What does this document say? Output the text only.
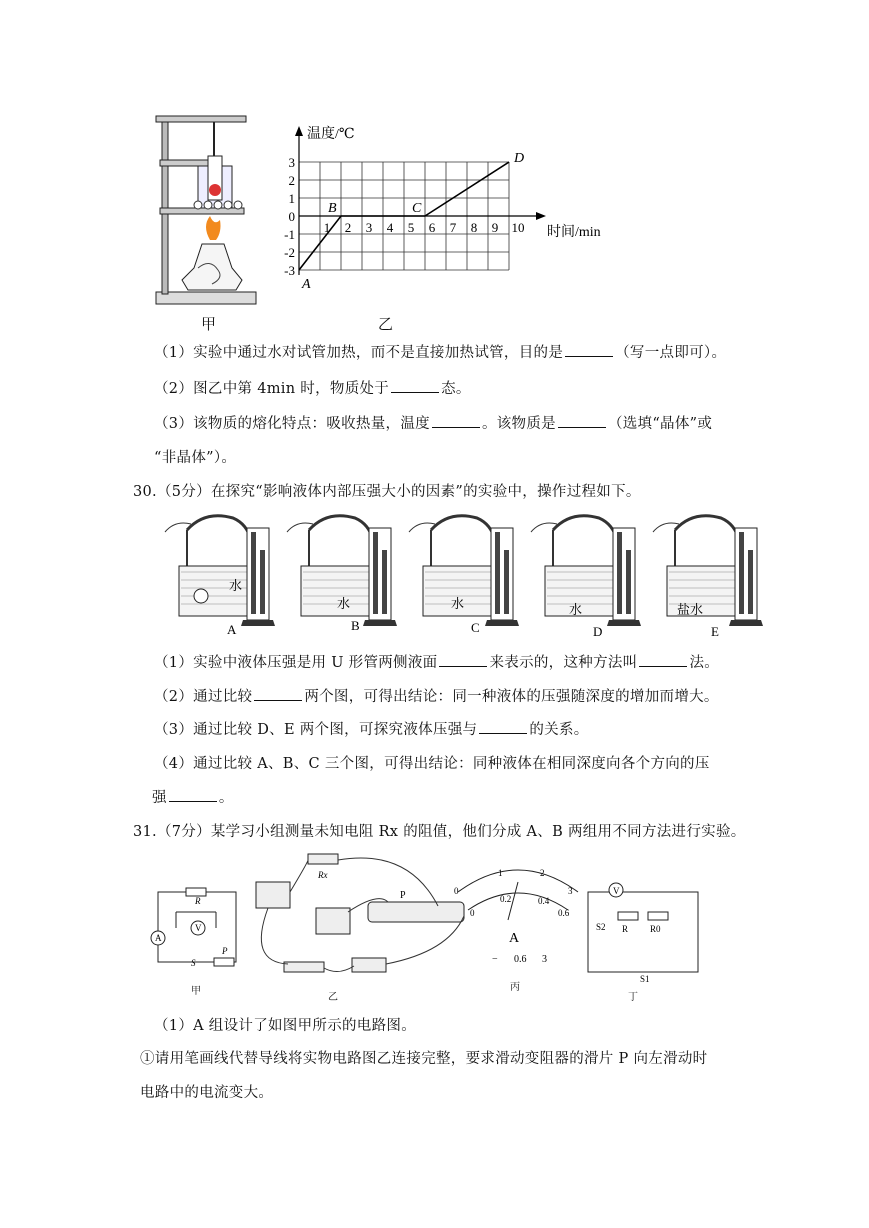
温度/℃
时间/min
3
2
1
0
-1
-2
-3
1 2 3 4 5 6 7 8 9 10
A
B	C
D
甲	乙
（1）实验中通过水对试管加热，而不是直接加热试管，目的是	（写一点即可）。
（2）图乙中第 4min 时，物质处于	态。
（3）该物质的熔化特点：吸收热量，温度	。该物质是	（选填“晶体”或
“非晶体”）。
30.（5分）在探究“影响液体内部压强大小的因素”的实验中，操作过程如下。
水
水	水	水	盐水
A	B	C	D	E
（1）实验中液体压强是用 U 形管两侧液面	来表示的，这种方法叫	法。
（2）通过比较	两个图，可得出结论：同一种液体的压强随深度的增加而增大。
（3）通过比较 D、E 两个图，可探究液体压强与	的关系。
（4）通过比较 A、B、C 三个图，可得出结论：同种液体在相同深度向各个方向的压
强	。
31.（7分）某学习小组测量未知电阻 Rx 的阻值，他们分成 A、B 两组用不同方法进行实验。
R
V
A
S
P
Rx
P	0
1	2
3
0
0.2	0.4
0.6
A
− 0.6 3
V
S2 R R0
S1
甲
乙
丙
丁
（1）A 组设计了如图甲所示的电路图。
①请用笔画线代替导线将实物电路图乙连接完整，要求滑动变阻器的滑片 P 向左滑动时
电路中的电流变大。
